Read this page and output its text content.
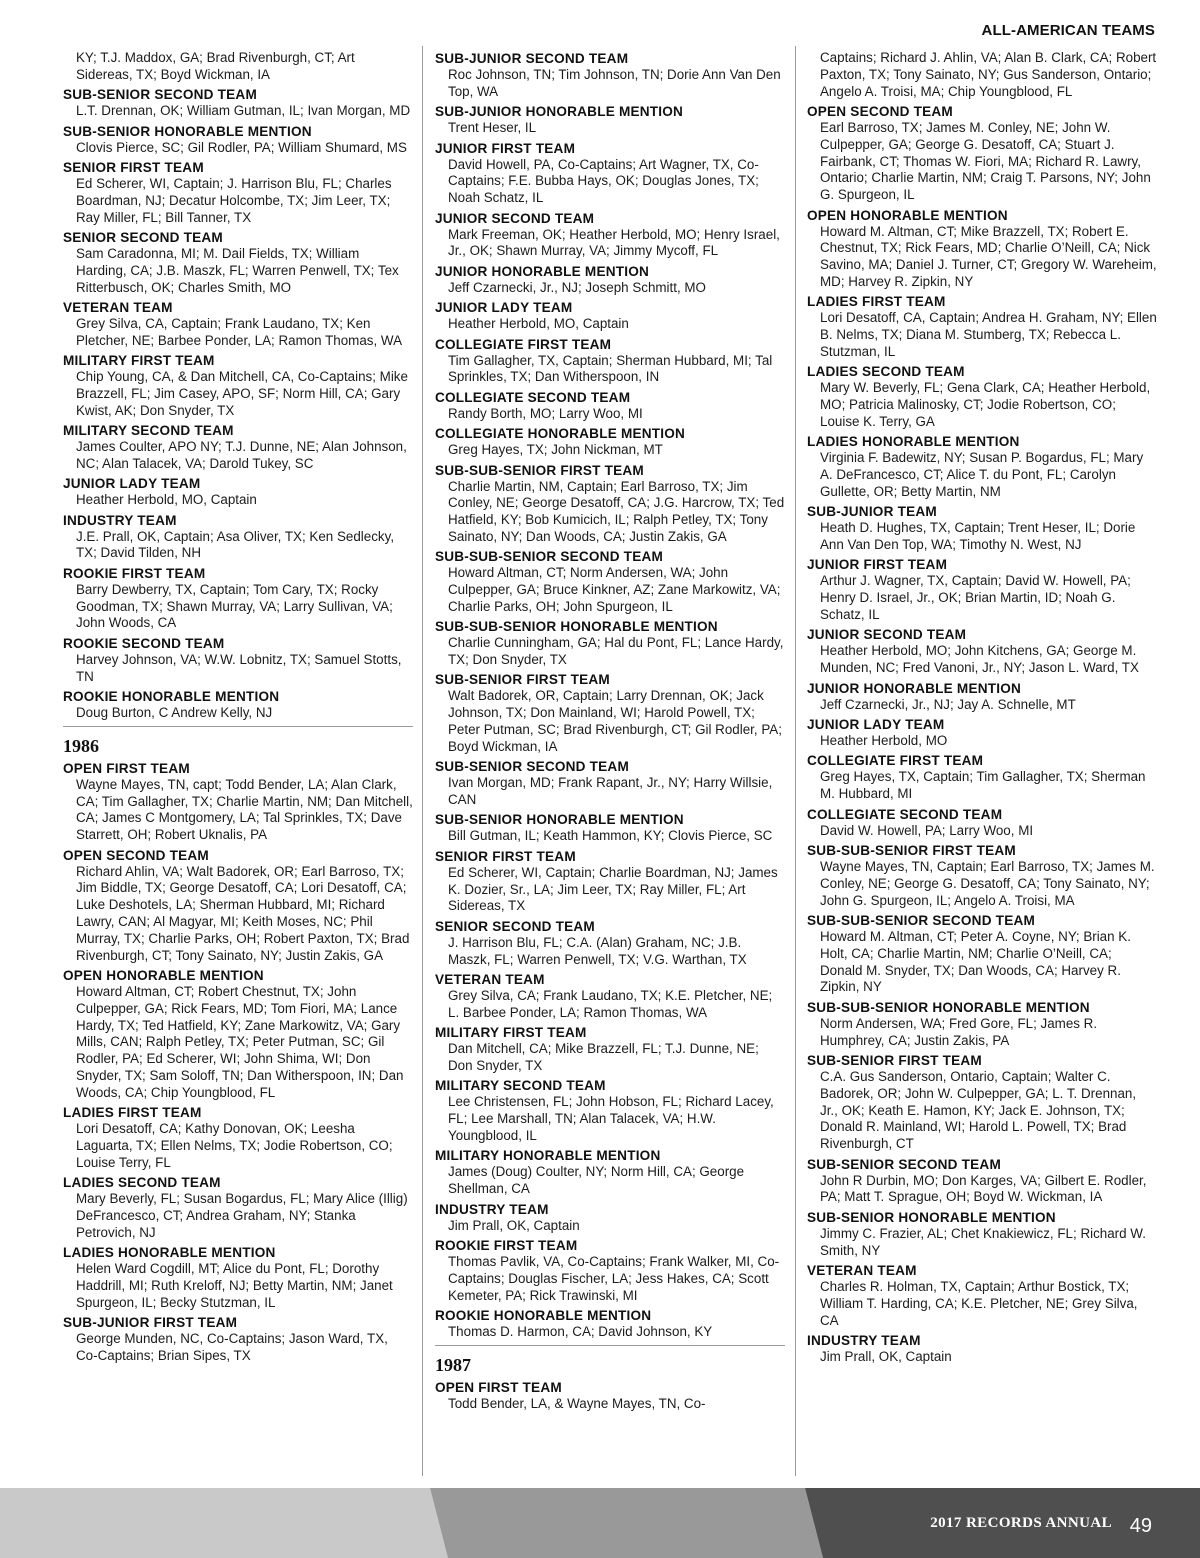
ALL-AMERICAN TEAMS
KY; T.J. Maddox, GA; Brad Rivenburgh, CT; Art Sidereas, TX; Boyd Wickman, IA
SUB-SENIOR SECOND TEAM
L.T. Drennan, OK; William Gutman, IL; Ivan Morgan, MD
SUB-SENIOR HONORABLE MENTION
Clovis Pierce, SC; Gil Rodler, PA; William Shumard, MS
SENIOR FIRST TEAM
Ed Scherer, WI, Captain; J. Harrison Blu, FL; Charles Boardman, NJ; Decatur Holcombe, TX; Jim Leer, TX; Ray Miller, FL; Bill Tanner, TX
SENIOR SECOND TEAM
Sam Caradonna, MI; M. Dail Fields, TX; William Harding, CA; J.B. Maszk, FL; Warren Penwell, TX; Tex Ritterbusch, OK; Charles Smith, MO
VETERAN TEAM
Grey Silva, CA, Captain; Frank Laudano, TX; Ken Pletcher, NE; Barbee Ponder, LA; Ramon Thomas, WA
MILITARY FIRST TEAM
Chip Young, CA, & Dan Mitchell, CA, Co-Captains; Mike Brazzell, FL; Jim Casey, APO, SF; Norm Hill, CA; Gary Kwist, AK; Don Snyder, TX
MILITARY SECOND TEAM
James Coulter, APO NY; T.J. Dunne, NE; Alan Johnson, NC; Alan Talacek, VA; Darold Tukey, SC
JUNIOR LADY TEAM
Heather Herbold, MO, Captain
INDUSTRY TEAM
J.E. Prall, OK, Captain; Asa Oliver, TX; Ken Sedlecky, TX; David Tilden, NH
ROOKIE FIRST TEAM
Barry Dewberry, TX, Captain; Tom Cary, TX; Rocky Goodman, TX; Shawn Murray, VA; Larry Sullivan, VA; John Woods, CA
ROOKIE SECOND TEAM
Harvey Johnson, VA; W.W. Lobnitz, TX; Samuel Stotts, TN
ROOKIE HONORABLE MENTION
Doug Burton, C Andrew Kelly, NJ
1986
OPEN FIRST TEAM
Wayne Mayes, TN, capt; Todd Bender, LA; Alan Clark, CA; Tim Gallagher, TX; Charlie Martin, NM; Dan Mitchell, CA; James C Montgomery, LA; Tal Sprinkles, TX; Dave Starrett, OH; Robert Uknalis, PA
OPEN SECOND TEAM
Richard Ahlin, VA; Walt Badorek, OR; Earl Barroso, TX; Jim Biddle, TX; George Desatoff, CA; Lori Desatoff, CA; Luke Deshotels, LA; Sherman Hubbard, MI; Richard Lawry, CAN; Al Magyar, MI; Keith Moses, NC; Phil Murray, TX; Charlie Parks, OH; Robert Paxton, TX; Brad Rivenburgh, CT; Tony Sainato, NY; Justin Zakis, GA
OPEN HONORABLE MENTION
Howard Altman, CT; Robert Chestnut, TX; John Culpepper, GA; Rick Fears, MD; Tom Fiori, MA; Lance Hardy, TX; Ted Hatfield, KY; Zane Markowitz, VA; Gary Mills, CAN; Ralph Petley, TX; Peter Putman, SC; Gil Rodler, PA; Ed Scherer, WI; John Shima, WI; Don Snyder, TX; Sam Soloff, TN; Dan Witherspoon, IN; Dan Woods, CA; Chip Youngblood, FL
LADIES FIRST TEAM
Lori Desatoff, CA; Kathy Donovan, OK; Leesha Laguarta, TX; Ellen Nelms, TX; Jodie Robertson, CO; Louise Terry, FL
LADIES SECOND TEAM
Mary Beverly, FL; Susan Bogardus, FL; Mary Alice (Illig) DeFrancesco, CT; Andrea Graham, NY; Stanka Petrovich, NJ
LADIES HONORABLE MENTION
Helen Ward Cogdill, MT; Alice du Pont, FL; Dorothy Haddrill, MI; Ruth Kreloff, NJ; Betty Martin, NM; Janet Spurgeon, IL; Becky Stutzman, IL
SUB-JUNIOR FIRST TEAM
George Munden, NC, Co-Captains; Jason Ward, TX, Co-Captains; Brian Sipes, TX
SUB-JUNIOR SECOND TEAM
Roc Johnson, TN; Tim Johnson, TN; Dorie Ann Van Den Top, WA
SUB-JUNIOR HONORABLE MENTION
Trent Heser, IL
JUNIOR FIRST TEAM
David Howell, PA, Co-Captains; Art Wagner, TX, Co-Captains; F.E. Bubba Hays, OK; Douglas Jones, TX; Noah Schatz, IL
JUNIOR SECOND TEAM
Mark Freeman, OK; Heather Herbold, MO; Henry Israel, Jr., OK; Shawn Murray, VA; Jimmy Mycoff, FL
JUNIOR HONORABLE MENTION
Jeff Czarnecki, Jr., NJ; Joseph Schmitt, MO
JUNIOR LADY TEAM
Heather Herbold, MO, Captain
COLLEGIATE FIRST TEAM
Tim Gallagher, TX, Captain; Sherman Hubbard, MI; Tal Sprinkles, TX; Dan Witherspoon, IN
COLLEGIATE SECOND TEAM
Randy Borth, MO; Larry Woo, MI
COLLEGIATE HONORABLE MENTION
Greg Hayes, TX; John Nickman, MT
SUB-SUB-SENIOR FIRST TEAM
Charlie Martin, NM, Captain; Earl Barroso, TX; Jim Conley, NE; George Desatoff, CA; J.G. Harcrow, TX; Ted Hatfield, KY; Bob Kumicich, IL; Ralph Petley, TX; Tony Sainato, NY; Dan Woods, CA; Justin Zakis, GA
SUB-SUB-SENIOR SECOND TEAM
Howard Altman, CT; Norm Andersen, WA; John Culpepper, GA; Bruce Kinkner, AZ; Zane Markowitz, VA; Charlie Parks, OH; John Spurgeon, IL
SUB-SUB-SENIOR HONORABLE MENTION
Charlie Cunningham, GA; Hal du Pont, FL; Lance Hardy, TX; Don Snyder, TX
SUB-SENIOR FIRST TEAM
Walt Badorek, OR, Captain; Larry Drennan, OK; Jack Johnson, TX; Don Mainland, WI; Harold Powell, TX; Peter Putman, SC; Brad Rivenburgh, CT; Gil Rodler, PA; Boyd Wickman, IA
SUB-SENIOR SECOND TEAM
Ivan Morgan, MD; Frank Rapant, Jr., NY; Harry Willsie, CAN
SUB-SENIOR HONORABLE MENTION
Bill Gutman, IL; Keath Hammon, KY; Clovis Pierce, SC
SENIOR FIRST TEAM
Ed Scherer, WI, Captain; Charlie Boardman, NJ; James K. Dozier, Sr., LA; Jim Leer, TX; Ray Miller, FL; Art Sidereas, TX
SENIOR SECOND TEAM
J. Harrison Blu, FL; C.A. (Alan) Graham, NC; J.B. Maszk, FL; Warren Penwell, TX; V.G. Warthan, TX
VETERAN TEAM
Grey Silva, CA; Frank Laudano, TX; K.E. Pletcher, NE; L. Barbee Ponder, LA; Ramon Thomas, WA
MILITARY FIRST TEAM
Dan Mitchell, CA; Mike Brazzell, FL; T.J. Dunne, NE; Don Snyder, TX
MILITARY SECOND TEAM
Lee Christensen, FL; John Hobson, FL; Richard Lacey, FL; Lee Marshall, TN; Alan Talacek, VA; H.W. Youngblood, IL
MILITARY HONORABLE MENTION
James (Doug) Coulter, NY; Norm Hill, CA; George Shellman, CA
INDUSTRY TEAM
Jim Prall, OK, Captain
ROOKIE FIRST TEAM
Thomas Pavlik, VA, Co-Captains; Frank Walker, MI, Co-Captains; Douglas Fischer, LA; Jess Hakes, CA; Scott Kemeter, PA; Rick Trawinski, MI
ROOKIE HONORABLE MENTION
Thomas D. Harmon, CA; David Johnson, KY
1987
OPEN FIRST TEAM
Todd Bender, LA, & Wayne Mayes, TN, Co-
Captains; Richard J. Ahlin, VA; Alan B. Clark, CA; Robert Paxton, TX; Tony Sainato, NY; Gus Sanderson, Ontario; Angelo A. Troisi, MA; Chip Youngblood, FL
OPEN SECOND TEAM
Earl Barroso, TX; James M. Conley, NE; John W. Culpepper, GA; George G. Desatoff, CA; Stuart J. Fairbank, CT; Thomas W. Fiori, MA; Richard R. Lawry, Ontario; Charlie Martin, NM; Craig T. Parsons, NY; John G. Spurgeon, IL
OPEN HONORABLE MENTION
Howard M. Altman, CT; Mike Brazzell, TX; Robert E. Chestnut, TX; Rick Fears, MD; Charlie O’Neill, CA; Nick Savino, MA; Daniel J. Turner, CT; Gregory W. Wareheim, MD; Harvey R. Zipkin, NY
LADIES FIRST TEAM
Lori Desatoff, CA, Captain; Andrea H. Graham, NY; Ellen B. Nelms, TX; Diana M. Stumberg, TX; Rebecca L. Stutzman, IL
LADIES SECOND TEAM
Mary W. Beverly, FL; Gena Clark, CA; Heather Herbold, MO; Patricia Malinosky, CT; Jodie Robertson, CO; Louise K. Terry, GA
LADIES HONORABLE MENTION
Virginia F. Badewitz, NY; Susan P. Bogardus, FL; Mary A. DeFrancesco, CT; Alice T. du Pont, FL; Carolyn Gullette, OR; Betty Martin, NM
SUB-JUNIOR TEAM
Heath D. Hughes, TX, Captain; Trent Heser, IL; Dorie Ann Van Den Top, WA; Timothy N. West, NJ
JUNIOR FIRST TEAM
Arthur J. Wagner, TX, Captain; David W. Howell, PA; Henry D. Israel, Jr., OK; Brian Martin, ID; Noah G. Schatz, IL
JUNIOR SECOND TEAM
Heather Herbold, MO; John Kitchens, GA; George M. Munden, NC; Fred Vanoni, Jr., NY; Jason L. Ward, TX
JUNIOR HONORABLE MENTION
Jeff Czarnecki, Jr., NJ; Jay A. Schnelle, MT
JUNIOR LADY TEAM
Heather Herbold, MO
COLLEGIATE FIRST TEAM
Greg Hayes, TX, Captain; Tim Gallagher, TX; Sherman M. Hubbard, MI
COLLEGIATE SECOND TEAM
David W. Howell, PA; Larry Woo, MI
SUB-SUB-SENIOR FIRST TEAM
Wayne Mayes, TN, Captain; Earl Barroso, TX; James M. Conley, NE; George G. Desatoff, CA; Tony Sainato, NY; John G. Spurgeon, IL; Angelo A. Troisi, MA
SUB-SUB-SENIOR SECOND TEAM
Howard M. Altman, CT; Peter A. Coyne, NY; Brian K. Holt, CA; Charlie Martin, NM; Charlie O’Neill, CA; Donald M. Snyder, TX; Dan Woods, CA; Harvey R. Zipkin, NY
SUB-SUB-SENIOR HONORABLE MENTION
Norm Andersen, WA; Fred Gore, FL; James R. Humphrey, CA; Justin Zakis, PA
SUB-SENIOR FIRST TEAM
C.A. Gus Sanderson, Ontario, Captain; Walter C. Badorek, OR; John W. Culpepper, GA; L. T. Drennan, Jr., OK; Keath E. Hamon, KY; Jack E. Johnson, TX; Donald R. Mainland, WI; Harold L. Powell, TX; Brad Rivenburgh, CT
SUB-SENIOR SECOND TEAM
John R Durbin, MO; Don Karges, VA; Gilbert E. Rodler, PA; Matt T. Sprague, OH; Boyd W. Wickman, IA
SUB-SENIOR HONORABLE MENTION
Jimmy C. Frazier, AL; Chet Knakiewicz, FL; Richard W. Smith, NY
VETERAN TEAM
Charles R. Holman, TX, Captain; Arthur Bostick, TX; William T. Harding, CA; K.E. Pletcher, NE; Grey Silva, CA
INDUSTRY TEAM
Jim Prall, OK, Captain
2017 RECORDS ANNUAL 49
